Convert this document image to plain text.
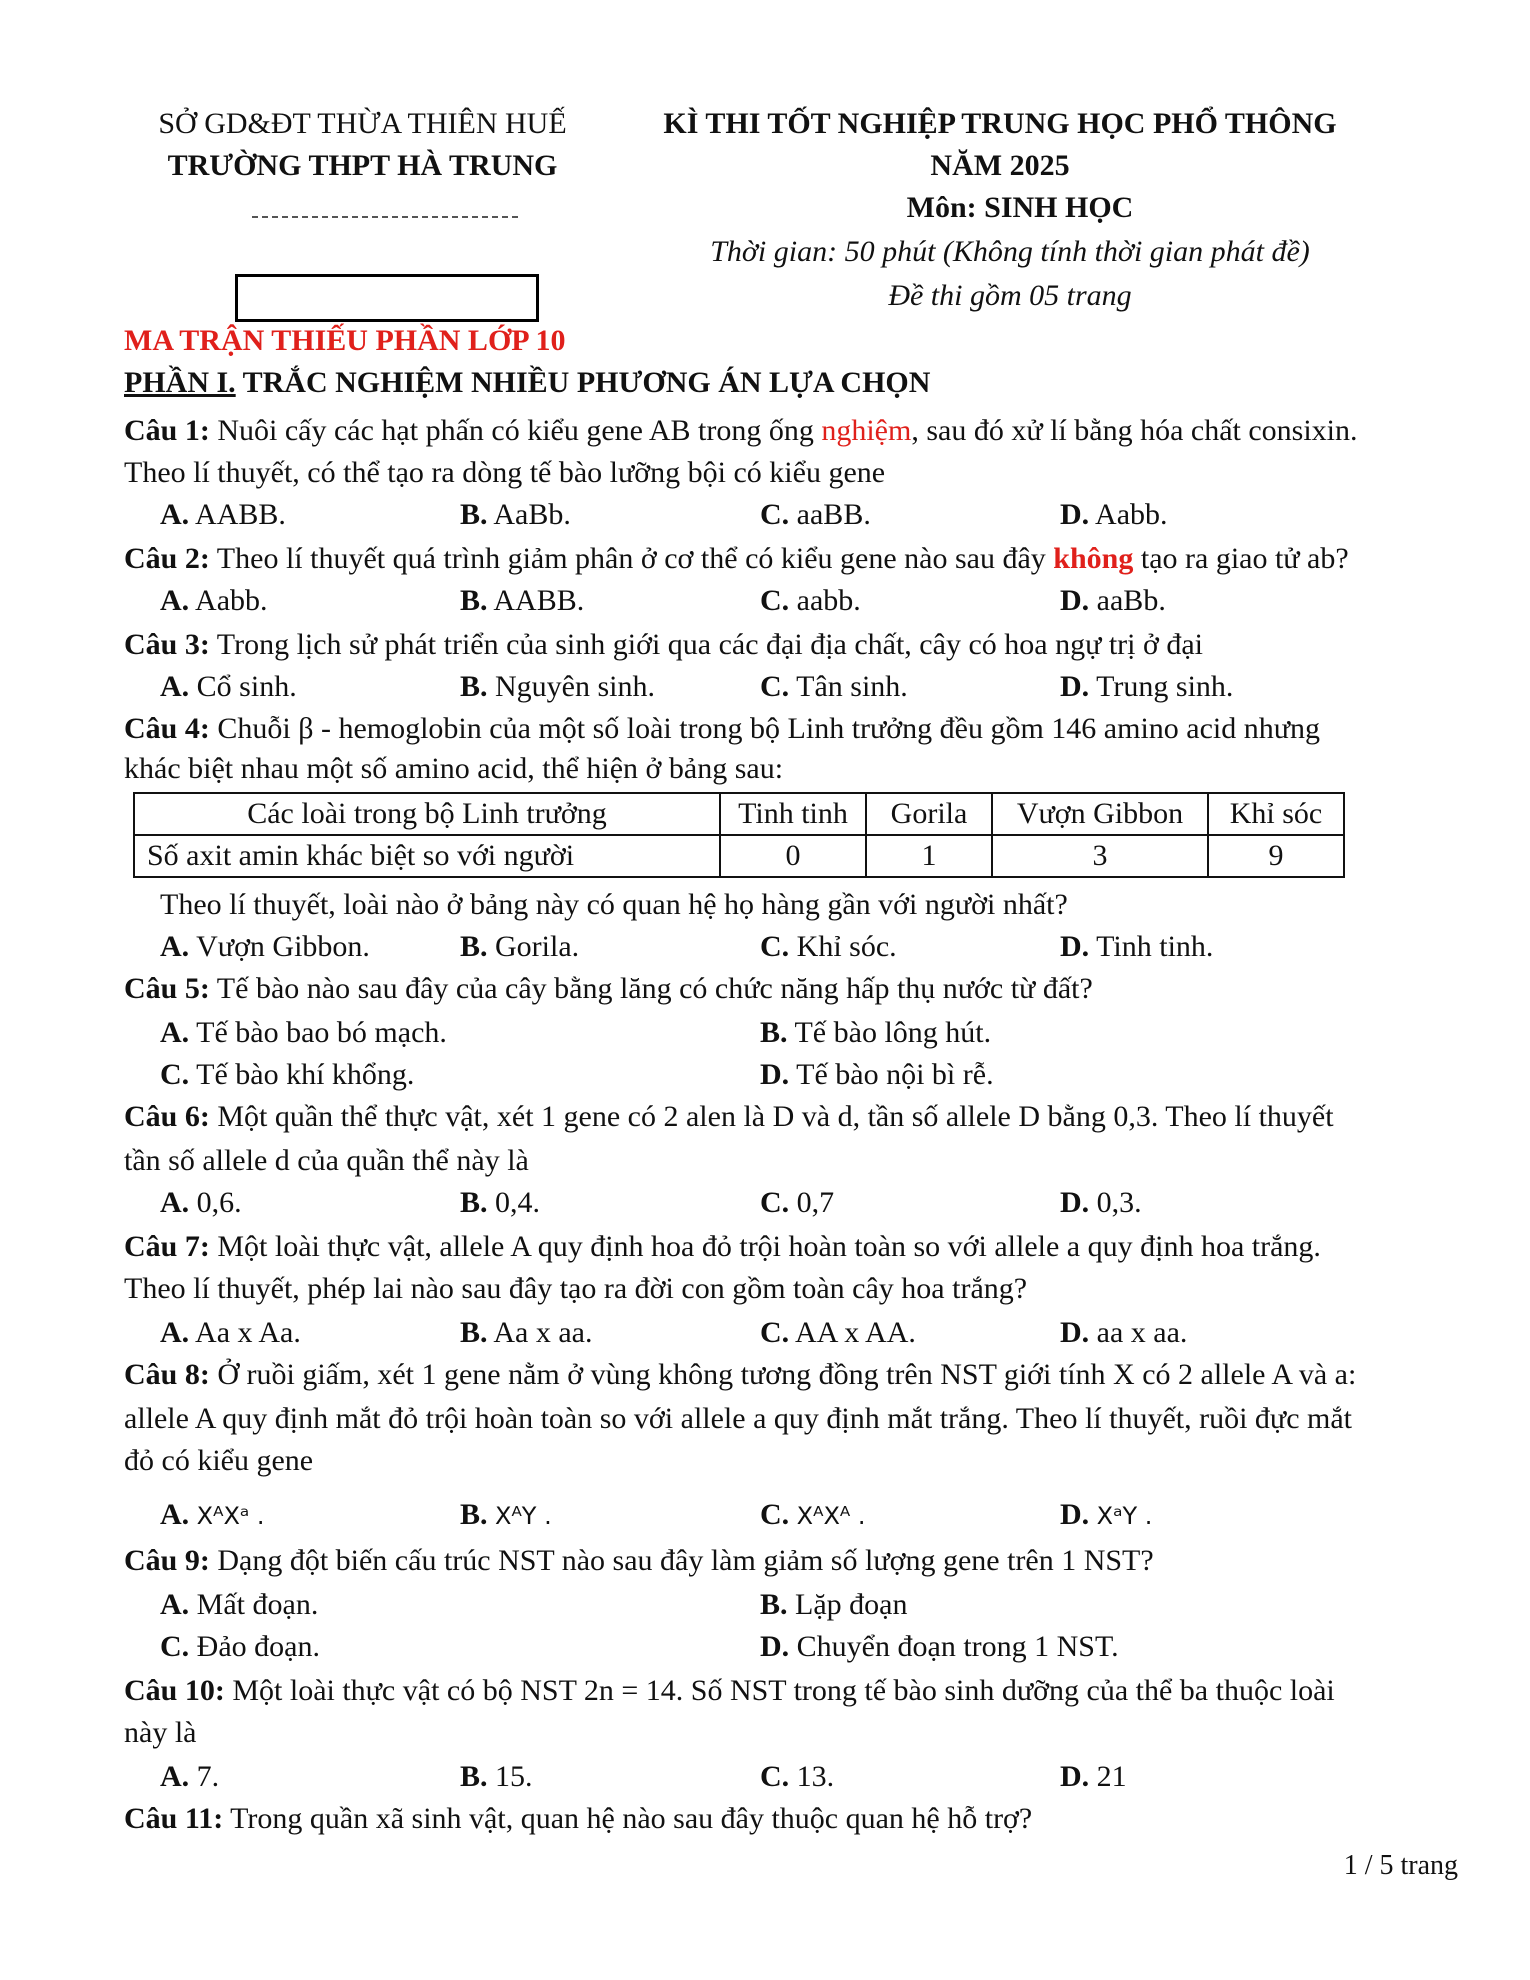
SỞ GD&ĐT THỪA THIÊN HUẾ
TRƯỜNG THPT HÀ TRUNG
KÌ THI TỐT NGHIỆP TRUNG HỌC PHỔ THÔNG
NĂM 2025
Môn: SINH HỌC
Thời gian: 50 phút (Không tính thời gian phát đề)
Đề thi gồm 05 trang
MA TRẬN THIẾU PHẦN LỚP 10
PHẦN I. TRẮC NGHIỆM NHIỀU PHƯƠNG ÁN LỰA CHỌN
Câu 1: Nuôi cấy các hạt phấn có kiểu gene AB trong ống nghiệm, sau đó xử lí bằng hóa chất consixin.
Theo lí thuyết, có thể tạo ra dòng tế bào lưỡng bội có kiểu gene
A. AABB.	B. AaBb.	C. aaBB.	D. Aabb.
Câu 2: Theo lí thuyết quá trình giảm phân ở cơ thể có kiểu gene nào sau đây không tạo ra giao tử ab?
A. Aabb.	B. AABB.	C. aabb.	D. aaBb.
Câu 3: Trong lịch sử phát triển của sinh giới qua các đại địa chất, cây có hoa ngự trị ở đại
A. Cổ sinh.	B. Nguyên sinh.	C. Tân sinh.	D. Trung sinh.
Câu 4: Chuỗi β - hemoglobin của một số loài trong bộ Linh trưởng đều gồm 146 amino acid nhưng
khác biệt nhau một số amino acid, thể hiện ở bảng sau:
Các loài trong bộ Linh trưởng	Tinh tinh	Gorila	Vượn Gibbon	Khỉ sóc
Số axit amin khác biệt so với người	0	1	3	9
Theo lí thuyết, loài nào ở bảng này có quan hệ họ hàng gần với người nhất?
A. Vượn Gibbon.	B. Gorila.	C. Khỉ sóc.	D. Tinh tinh.
Câu 5: Tế bào nào sau đây của cây bằng lăng có chức năng hấp thụ nước từ đất?
A. Tế bào bao bó mạch.	B. Tế bào lông hút.
C. Tế bào khí khổng.	D. Tế bào nội bì rễ.
Câu 6: Một quần thể thực vật, xét 1 gene có 2 alen là D và d, tần số allele D bằng 0,3. Theo lí thuyết
tần số allele d của quần thể này là
A. 0,6.	B. 0,4.	C. 0,7	D. 0,3.
Câu 7: Một loài thực vật, allele A quy định hoa đỏ trội hoàn toàn so với allele a quy định hoa trắng.
Theo lí thuyết, phép lai nào sau đây tạo ra đời con gồm toàn cây hoa trắng?
A. Aa x Aa.	B. Aa x aa.	C. AA x AA.	D. aa x aa.
Câu 8: Ở ruồi giấm, xét 1 gene nằm ở vùng không tương đồng trên NST giới tính X có 2 allele A và a:
allele A quy định mắt đỏ trội hoàn toàn so với allele a quy định mắt trắng. Theo lí thuyết, ruồi đực mắt
đỏ có kiểu gene
A. XᴬXᵃ .	B. XᴬY .	C. XᴬXᴬ .	D. XᵃY .
Câu 9: Dạng đột biến cấu trúc NST nào sau đây làm giảm số lượng gene trên 1 NST?
A. Mất đoạn.	B. Lặp đoạn
C. Đảo đoạn.	D. Chuyển đoạn trong 1 NST.
Câu 10: Một loài thực vật có bộ NST 2n = 14. Số NST trong tế bào sinh dưỡng của thể ba thuộc loài
này là
A. 7.	B. 15.	C. 13.	D. 21
Câu 11: Trong quần xã sinh vật, quan hệ nào sau đây thuộc quan hệ hỗ trợ?
1 / 5 trang
